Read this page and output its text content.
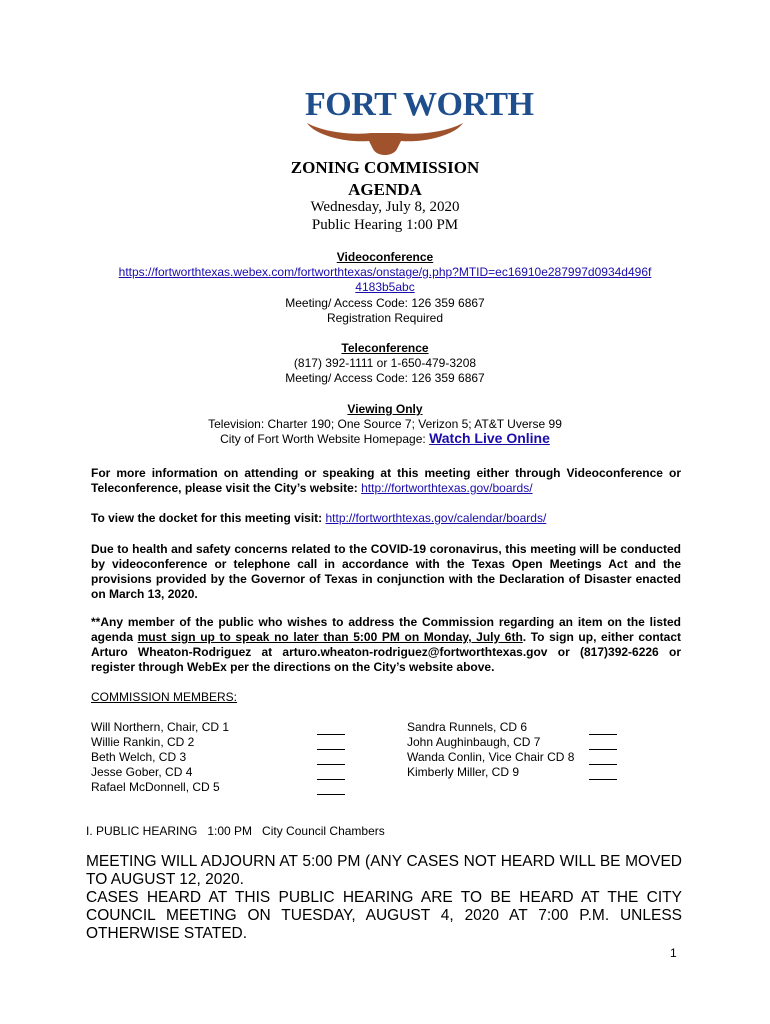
FORT WORTH
ZONING COMMISSION
AGENDA
Wednesday, July 8, 2020
Public Hearing 1:00 PM
Videoconference
https://fortworthtexas.webex.com/fortworthtexas/onstage/g.php?MTID=ec16910e287997d0934d496f
4183b5abc
Meeting/ Access Code: 126 359 6867
Registration Required
Teleconference
(817) 392-1111 or 1-650-479-3208
Meeting/ Access Code: 126 359 6867
Viewing Only
Television: Charter 190; One Source 7; Verizon 5; AT&T Uverse 99
City of Fort Worth Website Homepage: Watch Live Online
For more information on attending or speaking at this meeting either through Videoconference or Teleconference, please visit the City’s website: http://fortworthtexas.gov/boards/
To view the docket for this meeting visit: http://fortworthtexas.gov/calendar/boards/
Due to health and safety concerns related to the COVID-19 coronavirus, this meeting will be conducted by videoconference or telephone call in accordance with the Texas Open Meetings Act and the provisions provided by the Governor of Texas in conjunction with the Declaration of Disaster enacted on March 13, 2020.
**Any member of the public who wishes to address the Commission regarding an item on the listed agenda must sign up to speak no later than 5:00 PM on Monday, July 6th. To sign up, either contact Arturo Wheaton-Rodriguez at arturo.wheaton-rodriguez@fortworthtexas.gov or (817)392-6226 or register through WebEx per the directions on the City’s website above.
COMMISSION MEMBERS:
Will Northern, Chair, CD 1
Willie Rankin, CD 2
Beth Welch, CD 3
Jesse Gober, CD 4
Rafael McDonnell, CD 5
Sandra Runnels, CD 6
John Aughinbaugh, CD 7
Wanda Conlin, Vice Chair CD 8
Kimberly Miller, CD 9
I. PUBLIC HEARING   1:00 PM   City Council Chambers
MEETING WILL ADJOURN AT 5:00 PM (ANY CASES NOT HEARD WILL BE MOVED TO AUGUST 12, 2020.
CASES HEARD AT THIS PUBLIC HEARING ARE TO BE HEARD AT THE CITY COUNCIL MEETING ON TUESDAY, AUGUST 4, 2020 AT 7:00 P.M. UNLESS OTHERWISE STATED.
1
